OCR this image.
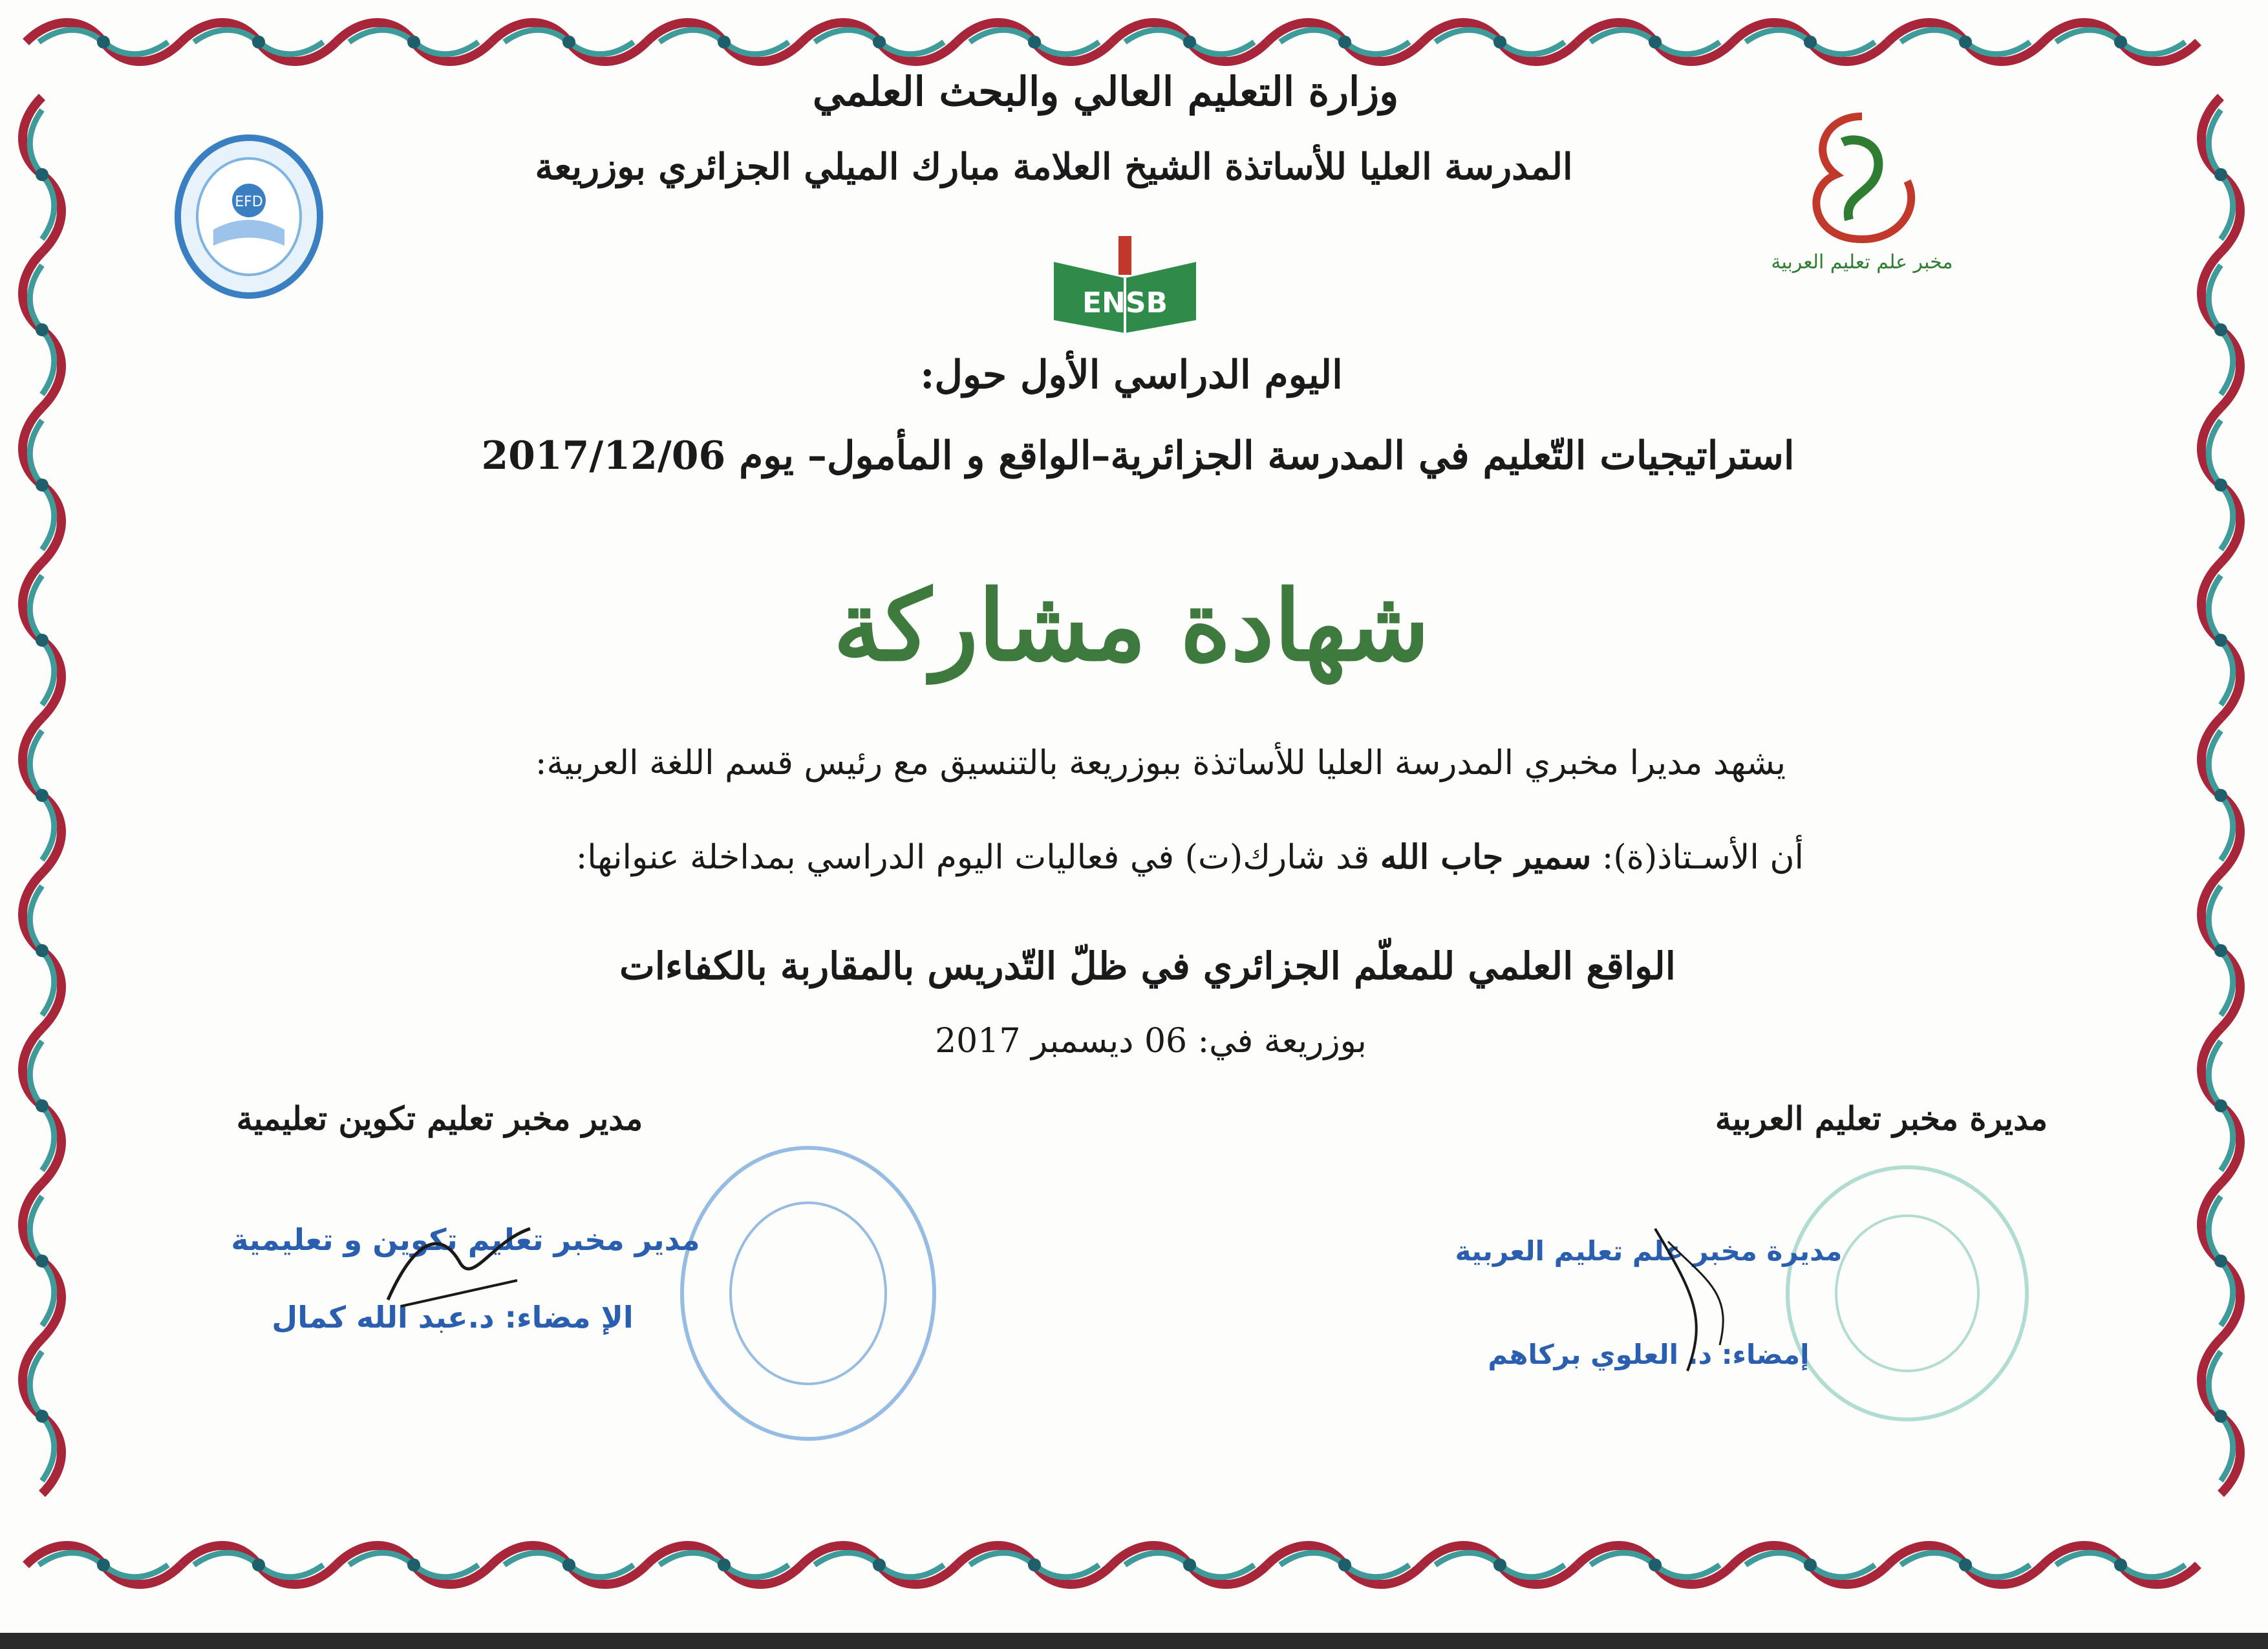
EFD
مخبر علم تعليم العربية
ENSB
وزارة التعليم العالي والبحث العلمي
المدرسة العليا للأساتذة الشيخ العلامة مبارك الميلي الجزائري بوزريعة
اليوم الدراسي الأول حول:
استراتيجيات التّعليم في المدرسة الجزائرية–الواقع و المأمول– يوم 2017/12/06
شهادة مشاركة
يشهد مديرا مخبري المدرسة العليا للأساتذة ببوزريعة بالتنسيق مع رئيس قسم اللغة العربية:
أن الأسـتاذ(ة): سمير جاب الله قد شارك(ت) في فعاليات اليوم الدراسي بمداخلة عنوانها:
الواقع العلمي للمعلّم الجزائري في ظلّ التّدريس بالمقاربة بالكفاءات
بوزريعة في: 06 ديسمبر 2017
مدير مخبر تعليم تكوين تعليمية	مديرة مخبر تعليم العربية
مدير مخبر تعليم تكوين و تعليمية
الإ مضاء: د.عبد الله كمال
مديرة مخبر علم تعليم العربية
إمضاء: د. العلوي بركاهم
